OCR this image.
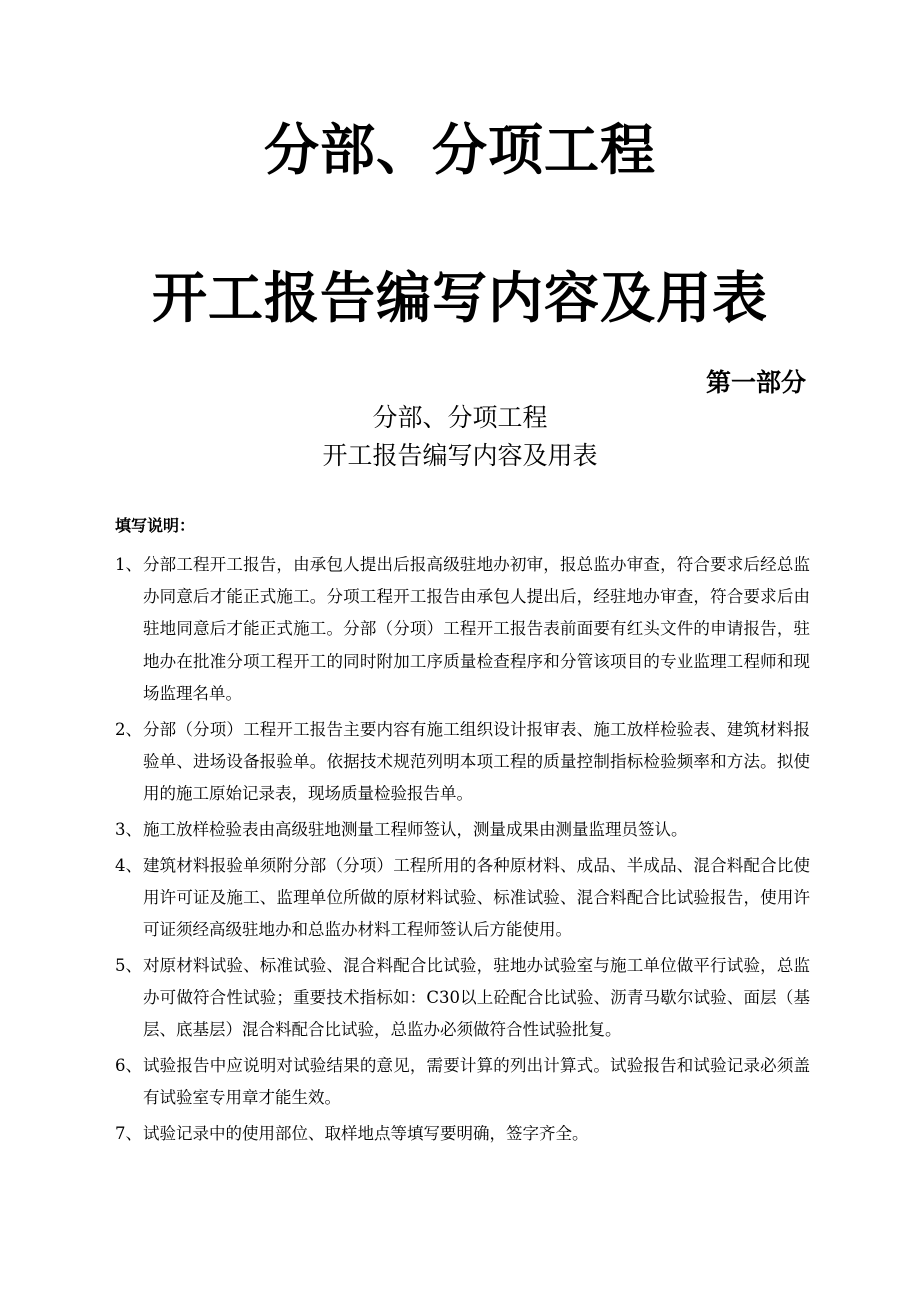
分部、分项工程
开工报告编写内容及用表
第一部分
分部、分项工程
开工报告编写内容及用表
填写说明：
1、 分部工程开工报告，由承包人提出后报高级驻地办初审，报总监办审查，符合要求后经总监办同意后才能正式施工。分项工程开工报告由承包人提出后，经驻地办审查，符合要求后由驻地同意后才能正式施工。分部（分项）工程开工报告表前面要有红头文件的申请报告，驻地办在批准分项工程开工的同时附加工序质量检查程序和分管该项目的专业监理工程师和现场监理名单。
2、 分部（分项）工程开工报告主要内容有施工组织设计报审表、施工放样检验表、建筑材料报验单、进场设备报验单。依据技术规范列明本项工程的质量控制指标检验频率和方法。拟使用的施工原始记录表，现场质量检验报告单。
3、 施工放样检验表由高级驻地测量工程师签认，测量成果由测量监理员签认。
4、 建筑材料报验单须附分部（分项）工程所用的各种原材料、成品、半成品、混合料配合比使用许可证及施工、监理单位所做的原材料试验、标准试验、混合料配合比试验报告，使用许可证须经高级驻地办和总监办材料工程师签认后方能使用。
5、 对原材料试验、标准试验、混合料配合比试验，驻地办试验室与施工单位做平行试验，总监办可做符合性试验；重要技术指标如：C30以上砼配合比试验、沥青马歇尔试验、面层（基层、底基层）混合料配合比试验，总监办必须做符合性试验批复。
6、 试验报告中应说明对试验结果的意见，需要计算的列出计算式。试验报告和试验记录必须盖有试验室专用章才能生效。
7、 试验记录中的使用部位、取样地点等填写要明确，签字齐全。
